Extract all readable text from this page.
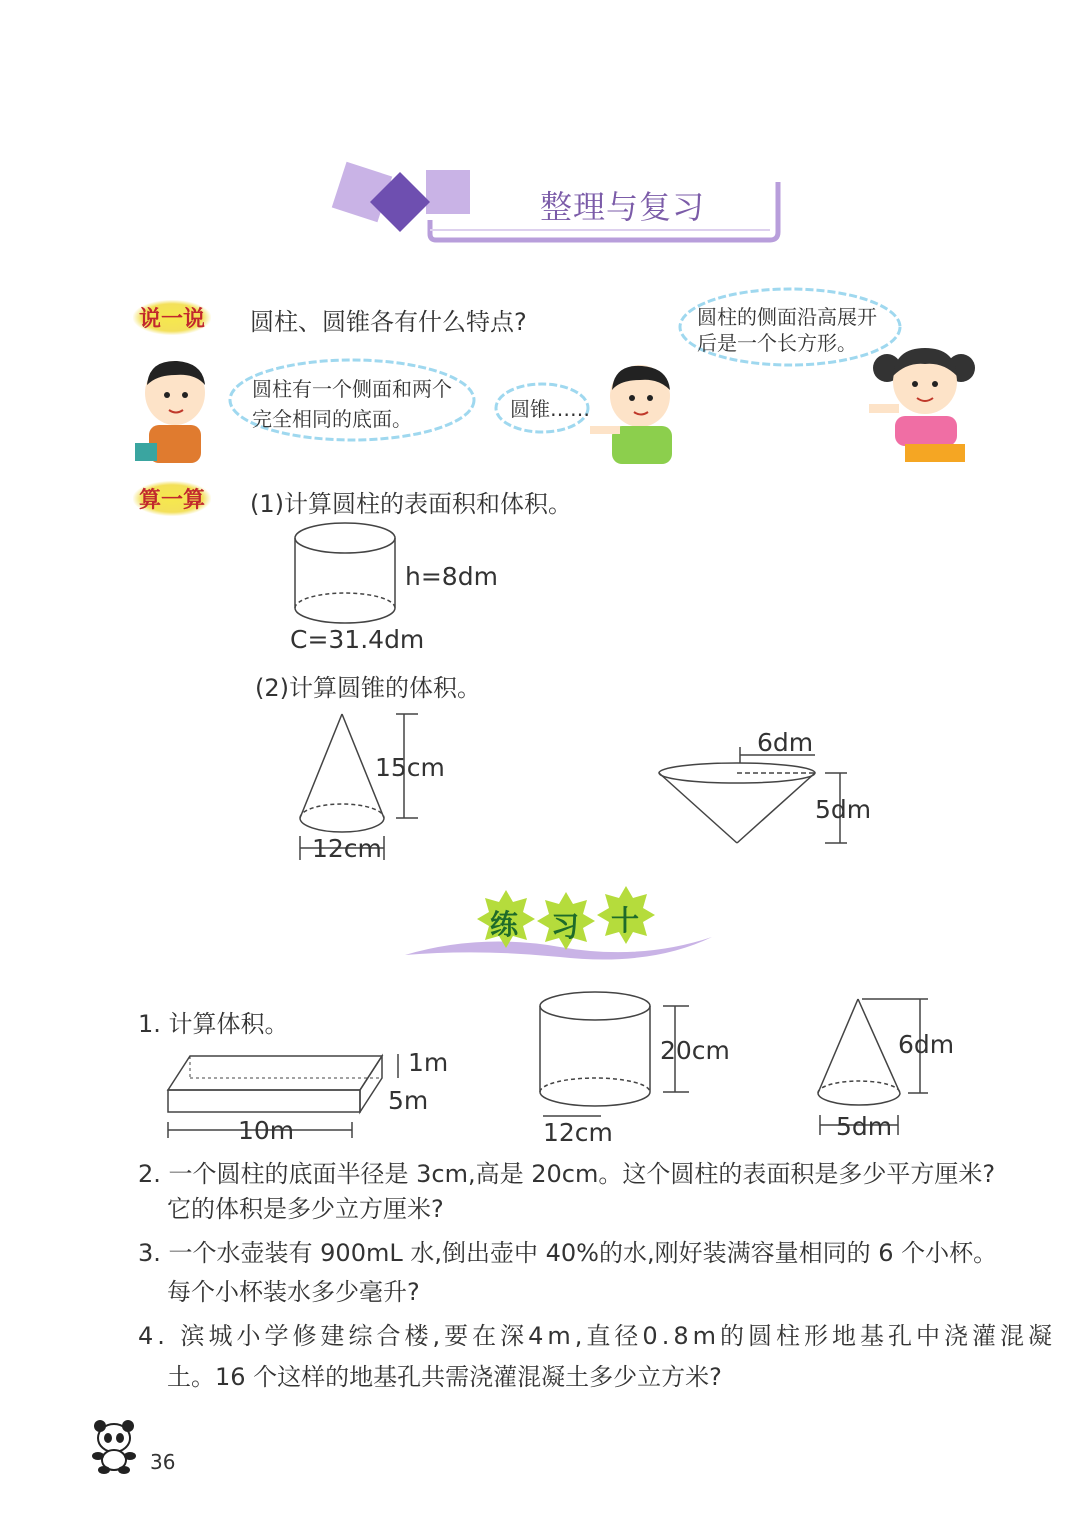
整理与复习
说一说 圆柱、圆锥各有什么特点?
圆柱有一个侧面和两个
完全相同的底面。	圆锥……
圆柱的侧面沿高展开
后是一个长方形。
算一算 (1)计算圆柱的表面积和体积。
h=8dm
C=31.4dm
(2)计算圆锥的体积。
15cm
12cm
6dm
5dm
练 习 十
1. 计算体积。
1m
5m
10m
20cm
12cm
6dm
5dm
2. 一个圆柱的底面半径是 3cm,高是 20cm。这个圆柱的表面积是多少平方厘米?
它的体积是多少立方厘米?
3. 一个水壶装有 900mL 水,倒出壶中 40%的水,刚好装满容量相同的 6 个小杯。
每个小杯装水多少毫升?
4. 滨城小学修建综合楼,要在深4m,直径0.8m的圆柱形地基孔中浇灌混凝
土。16 个这样的地基孔共需浇灌混凝土多少立方米?
36
